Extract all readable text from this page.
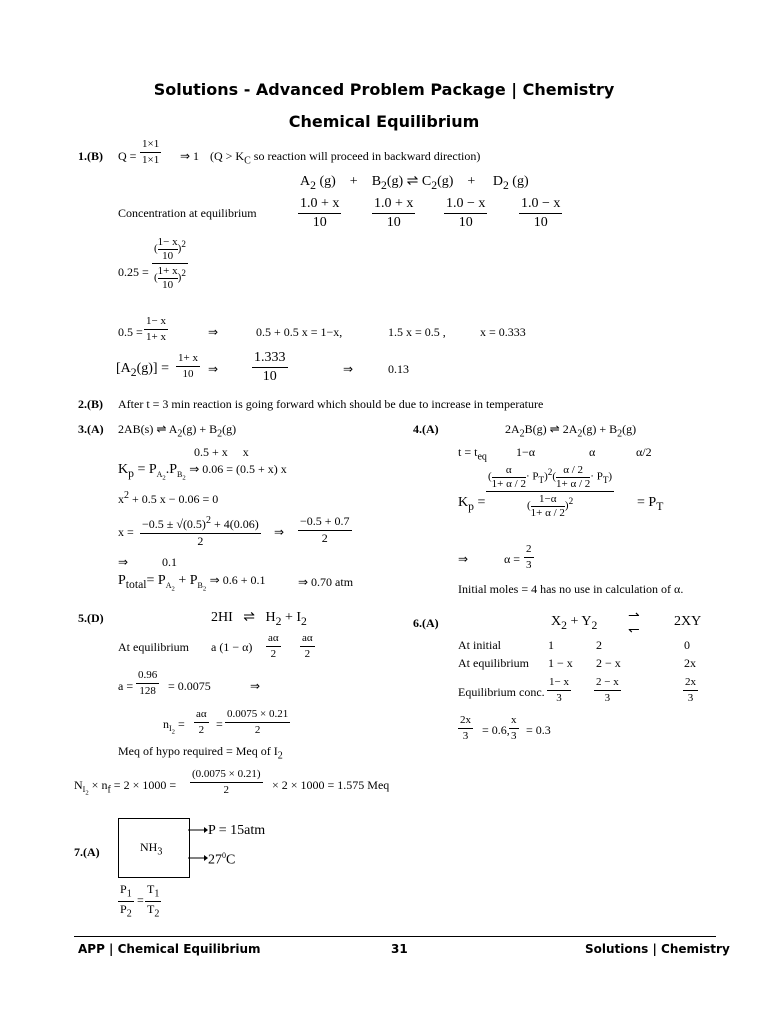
Solutions - Advanced Problem Package | Chemistry
Chemical Equilibrium
1.(B) Q =
1×1
1×1 ⇒ 1 ($Q > K_C$ so reaction will proceed in backward direction)
$A_2$ (g)    +    $B_2(g)$ ⇌ $C_2(g)$    +     $D_2$ (g)
Concentration at equilibrium
1.0 + x
10
1.0 + x
10
1.0 − x
10
1.0 − x
10
0.25 =
( $\frac{1- x}{10} )^2$
( $\frac{1+ x}{10} )^2$
0.5 =
1− x
1+ x	⇒	0.5 + 0.5 x = 1−x,	1.5 x = 0.5 ,	x = 0.333
$[A_2(g)]$ =
1+ x
10	⇒
1.333
10
⇒	0.13
2.(B) After t = 3 min reaction is going forward which should be due to increase in temperature
3.(A) 2AB(s) ⇌ $A_2(g) + B_2(g)$
0.5 + x     x
$K_p = P_{A_2}.P_{B_2}$ ⇒ 0.06 = (0.5 + x) x
$x^2 + 0.5$ x − 0.06 = 0
x =
$-0.5 \pm √(0.5)^2 + 4(0.06)$
2
⇒
−0.5 + 0.7
2
⇒	0.1
$P_{total}= P_{A_2} + P_{B_2}$ ⇒ 0.6 + 0.1	⇒ 0.70 atm
4.(A)	$2A_2B(g)$ ⇌ $2A_2(g) + B_2(g)$
$t = t_{eq}$ 1−α	α	α/2
$K_p$ =
( $\frac{\alpha}{1+ \alpha / 2} \cdot P_T)^2( \frac{\alpha / 2}{1+ \alpha / 2} \cdot P_T)$
( $\frac{1-\alpha}{1+ \alpha / 2} )^2$	= $P_T$
⇒	α =
2
3
Initial moles = 4 has no use in calculation of α.
5.(D)	2HI ⇌ $H_2 + I_2$
At equilibrium a (1 − α)
aα
2
aα
2
a =
0.96
128 = 0.0075	⇒
$n_{I_2}$ =
aα
2 =
0.0075 × 0.21
2
Meq of hypo required = Meq of $I_2$
$N_{I_2} \times n_f = 2 \times 1000$ =
(0.0075 × 0.21)
2	× 2 × 1000 = 1.575 Meq
6.(A)	$X_2 + Y_2$
⇀
↽
2XY
At initial	1	2	0
At equilibrium 1 − x 2 − x	2x
Equilibrium conc.
1− x
3
2 − x
3
2x
3
2x
3	= 0.6,
x
3 = 0.3
7.(A)	$NH_3$
P = 15atm
$27^0C$
$P_1$
$P_2$
=
$T_1$
$T_2$
APP | Chemical Equilibrium	31	Solutions | Chemistry
